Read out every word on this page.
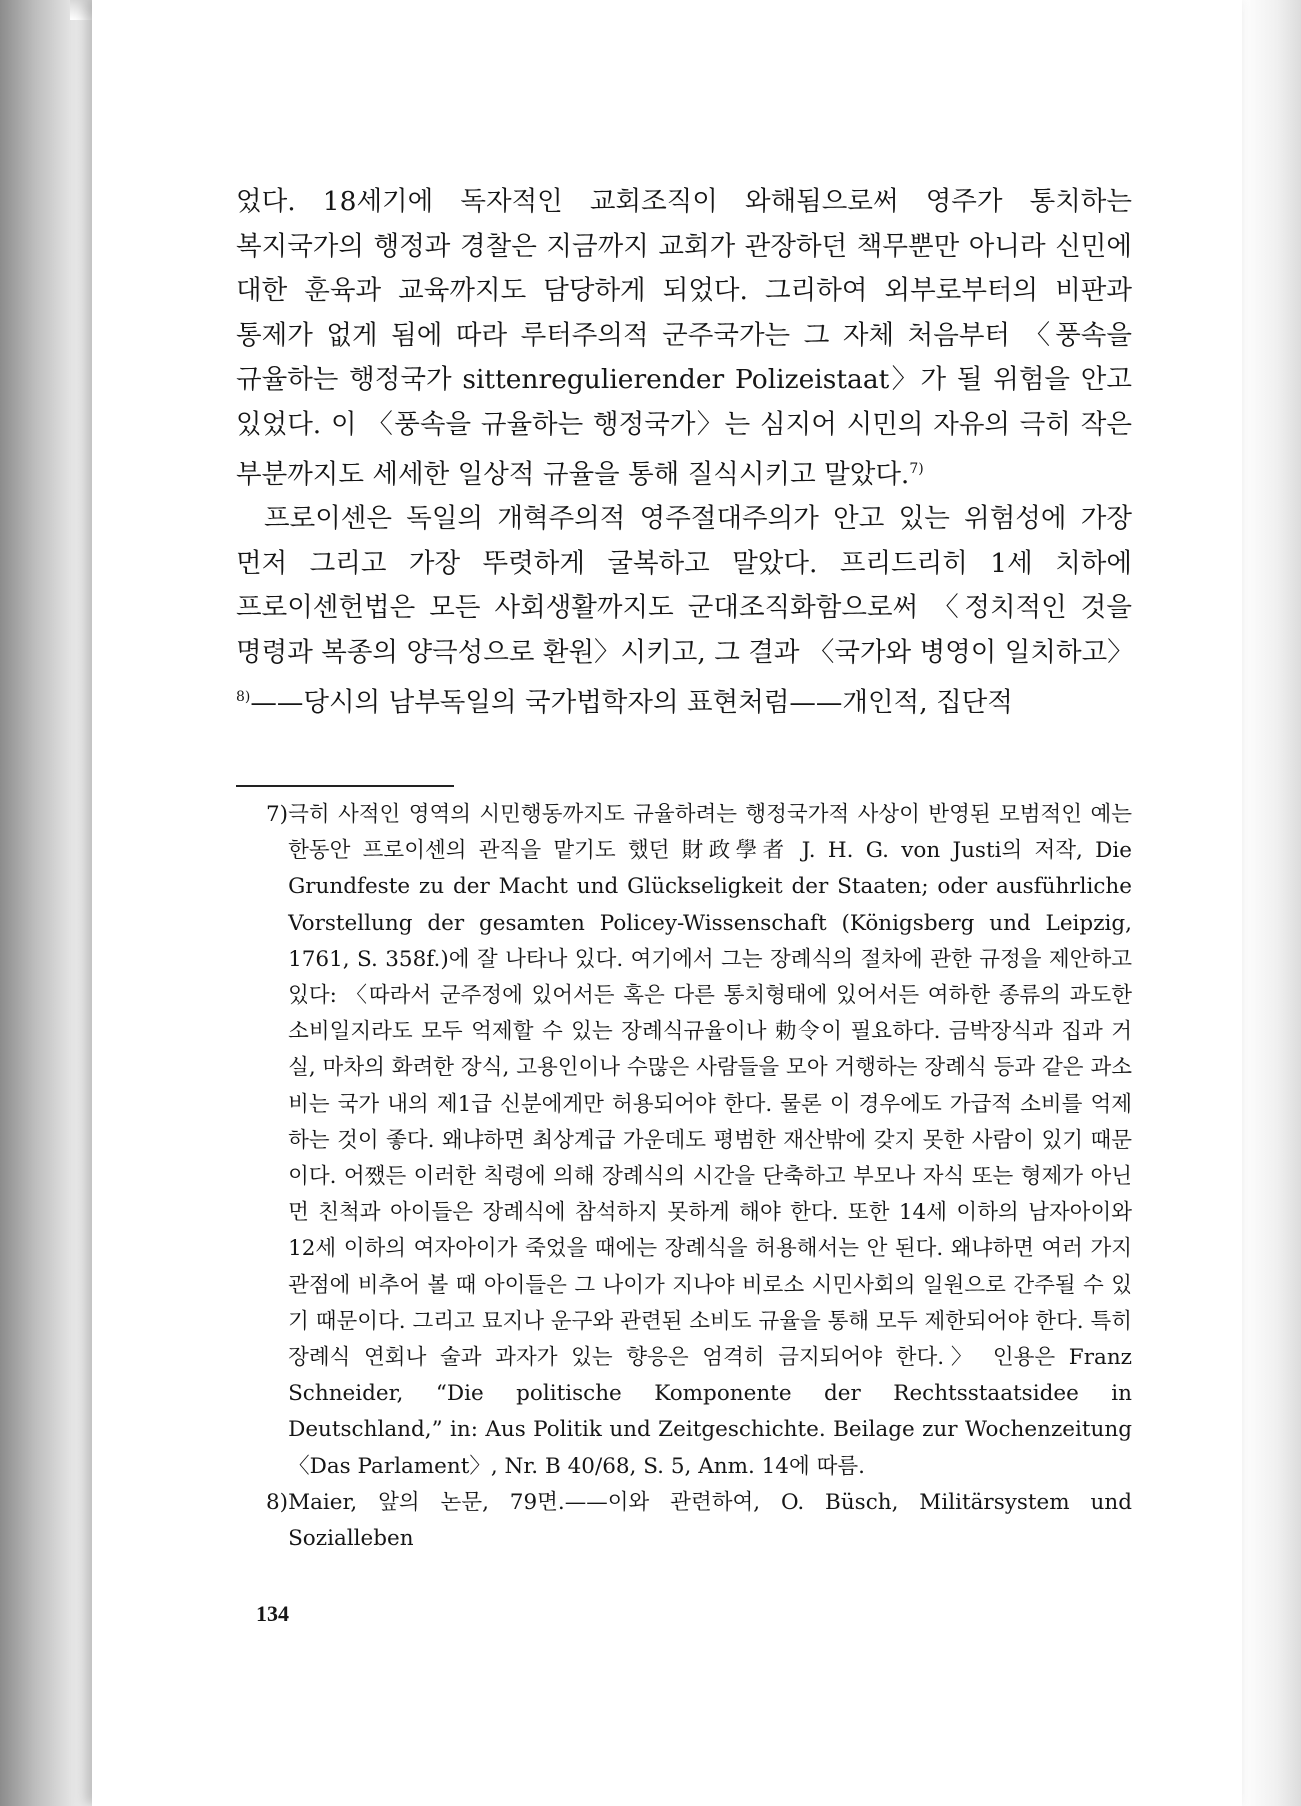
었다. 18세기에 독자적인 교회조직이 와해됨으로써 영주가 통치하는 복지국가의 행정과 경찰은 지금까지 교회가 관장하던 책무뿐만 아니라 신민에 대한 훈육과 교육까지도 담당하게 되었다. 그리하여 외부로부터의 비판과 통제가 없게 됨에 따라 루터주의적 군주국가는 그 자체 처음부터 〈풍속을 규율하는 행정국가 sittenregulierender Polizeistaat〉가 될 위험을 안고 있었다. 이 〈풍속을 규율하는 행정국가〉는 심지어 시민의 자유의 극히 작은 부분까지도 세세한 일상적 규율을 통해 질식시키고 말았다.$^{7)}$

프로이센은 독일의 개혁주의적 영주절대주의가 안고 있는 위험성에 가장 먼저 그리고 가장 뚜렷하게 굴복하고 말았다. 프리드리히 1세 치하에 프로이센헌법은 모든 사회생활까지도 군대조직화함으로써 〈정치적인 것을 명령과 복종의 양극성으로 환원〉시키고, 그 결과 〈국가와 병영이 일치하고〉$^{8)}$——당시의 남부독일의 국가법학자의 표현처럼——개인적, 집단적

7) 극히 사적인 영역의 시민행동까지도 규율하려는 행정국가적 사상이 반영된 모범적인 예는 한동안 프로이센의 관직을 맡기도 했던 財政學者 J. H. G. von Justi의 저작, Die Grundfeste zu der Macht und Glückseligkeit der Staaten; oder ausführliche Vorstellung der gesamten Policey-Wissenschaft (Königsberg und Leipzig, 1761, S. 358f.)에 잘 나타나 있다. 여기에서 그는 장례식의 절차에 관한 규정을 제안하고 있다: 〈따라서 군주정에 있어서든 혹은 다른 통치형태에 있어서든 여하한 종류의 과도한 소비일지라도 모두 억제할 수 있는 장례식규율이나 勅令이 필요하다. 금박장식과 집과 거실, 마차의 화려한 장식, 고용인이나 수많은 사람들을 모아 거행하는 장례식 등과 같은 과소비는 국가 내의 제1급 신분에게만 허용되어야 한다. 물론 이 경우에도 가급적 소비를 억제하는 것이 좋다. 왜냐하면 최상계급 가운데도 평범한 재산밖에 갖지 못한 사람이 있기 때문이다. 어쨌든 이러한 칙령에 의해 장례식의 시간을 단축하고 부모나 자식 또는 형제가 아닌 먼 친척과 아이들은 장례식에 참석하지 못하게 해야 한다. 또한 14세 이하의 남자아이와 12세 이하의 여자아이가 죽었을 때에는 장례식을 허용해서는 안 된다. 왜냐하면 여러 가지 관점에 비추어 볼 때 아이들은 그 나이가 지나야 비로소 시민사회의 일원으로 간주될 수 있기 때문이다. 그리고 묘지나 운구와 관련된 소비도 규율을 통해 모두 제한되어야 한다. 특히 장례식 연회나 술과 과자가 있는 향응은 엄격히 금지되어야 한다.〉 인용은 Franz Schneider, “Die politische Komponente der Rechtsstaatsidee in Deutschland,” in: Aus Politik und Zeitgeschichte. Beilage zur Wochenzeitung 〈Das Parlament〉, Nr. B 40/68, S. 5, Anm. 14에 따름.
8) Maier, 앞의 논문, 79면.——이와 관련하여, O. Büsch, Militärsystem und Sozialleben
134
